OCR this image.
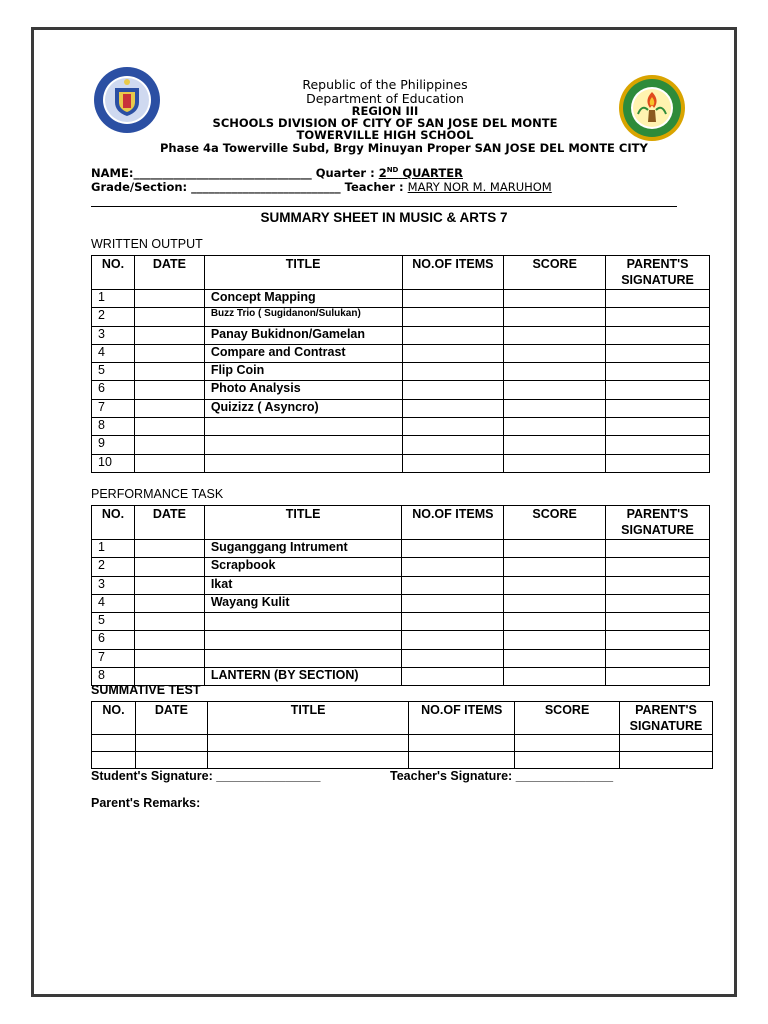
Republic of the Philippines
Department of Education
REGION III
SCHOOLS DIVISION OF CITY OF SAN JOSE DEL MONTE
TOWERVILLE HIGH SCHOOL
Phase 4a Towerville Subd, Brgy Minuyan Proper SAN JOSE DEL MONTE CITY
NAME:_______________________________ Quarter : 2ND QUARTER
Grade/Section: __________________________ Teacher : MARY NOR M. MARUHOM
SUMMARY SHEET IN MUSIC & ARTS 7
WRITTEN OUTPUT
NO.	DATE	TITLE	NO.OF ITEMS	SCORE	PARENT'S SIGNATURE
1		Concept Mapping			
2		Buzz Trio ( Sugidanon/Sulukan)			
3		Panay Bukidnon/Gamelan			
4		Compare and Contrast			
5		Flip Coin			
6		Photo Analysis			
7		Quizizz ( Asyncro)			
8					
9					
10					
PERFORMANCE TASK
NO.	DATE	TITLE	NO.OF ITEMS	SCORE	PARENT'S SIGNATURE
1		Suganggang Intrument			
2		Scrapbook			
3		Ikat			
4		Wayang Kulit			
5					
6					
7					
8		LANTERN (BY SECTION)			
SUMMATIVE TEST
NO.	DATE	TITLE	NO.OF ITEMS	SCORE	PARENT'S SIGNATURE

Student's Signature: _______________	Teacher's Signature: ______________
Parent's Remarks:
